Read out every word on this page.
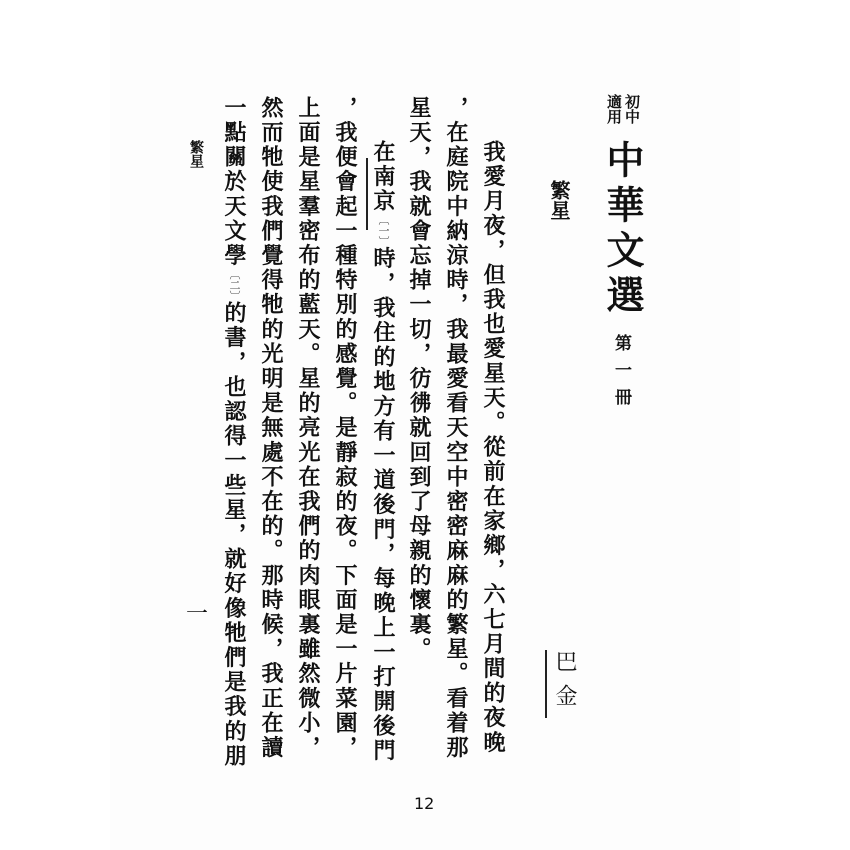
初中適用
中華文選
第一冊
繁星
巴金
我愛月夜，但我也愛星天。從前在家鄉，六七月間的夜晚
，在庭院中納涼時，我最愛看天空中密密麻麻的繁星。看着那
星天，我就會忘掉一切，彷彿就回到了母親的懷裏。
在南京〔一〕時，我住的地方有一道後門，每晚上一打開後門
，我便會起一種特別的感覺。是靜寂的夜。下面是一片菜園，
上面是星羣密布的藍天。星的亮光在我們的肉眼裏雖然微小，
然而牠使我們覺得牠的光明是無處不在的。那時候，我正在讀
一點關於天文學〔二〕的書，也認得一些星，就好像牠們是我的朋
繁星
一
12
